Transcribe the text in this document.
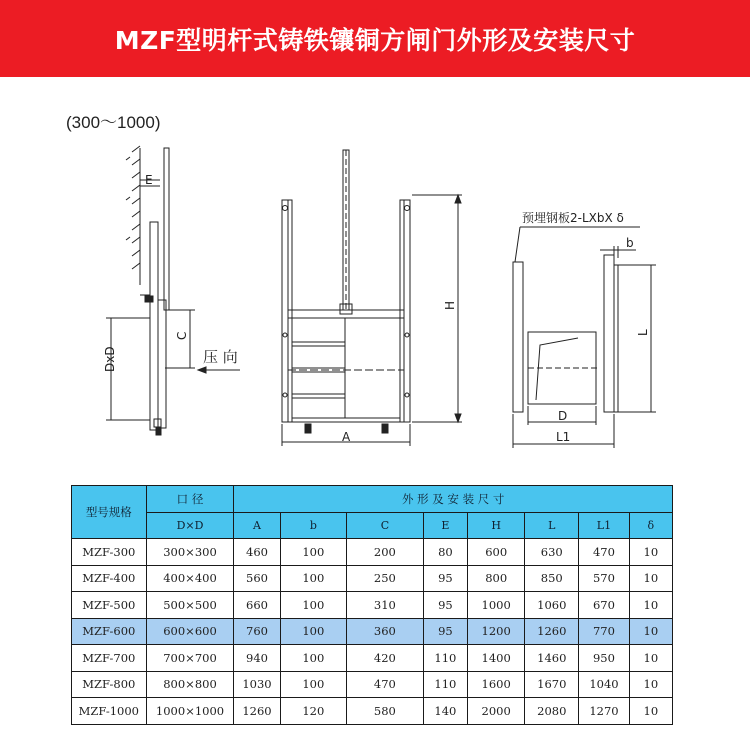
MZF型明杆式铸铁镶铜方闸门外形及安装尺寸
(300～1000)
E
C
DxD	压 向
H
A
预埋钢板2-LXbX δ
b
L
D
L1
型号规格	口 径	外 形 及 安 装 尺 寸							
	D×D	A	b	C	E	H	L	L1	δ
MZF-300	300×300	460	100	200	80	600	630	470	10
MZF-400	400×400	560	100	250	95	800	850	570	10
MZF-500	500×500	660	100	310	95	1000	1060	670	10
MZF-600	600×600	760	100	360	95	1200	1260	770	10
MZF-700	700×700	940	100	420	110	1400	1460	950	10
MZF-800	800×800	1030	100	470	110	1600	1670	1040	10
MZF-1000	1000×1000	1260	120	580	140	2000	2080	1270	10
